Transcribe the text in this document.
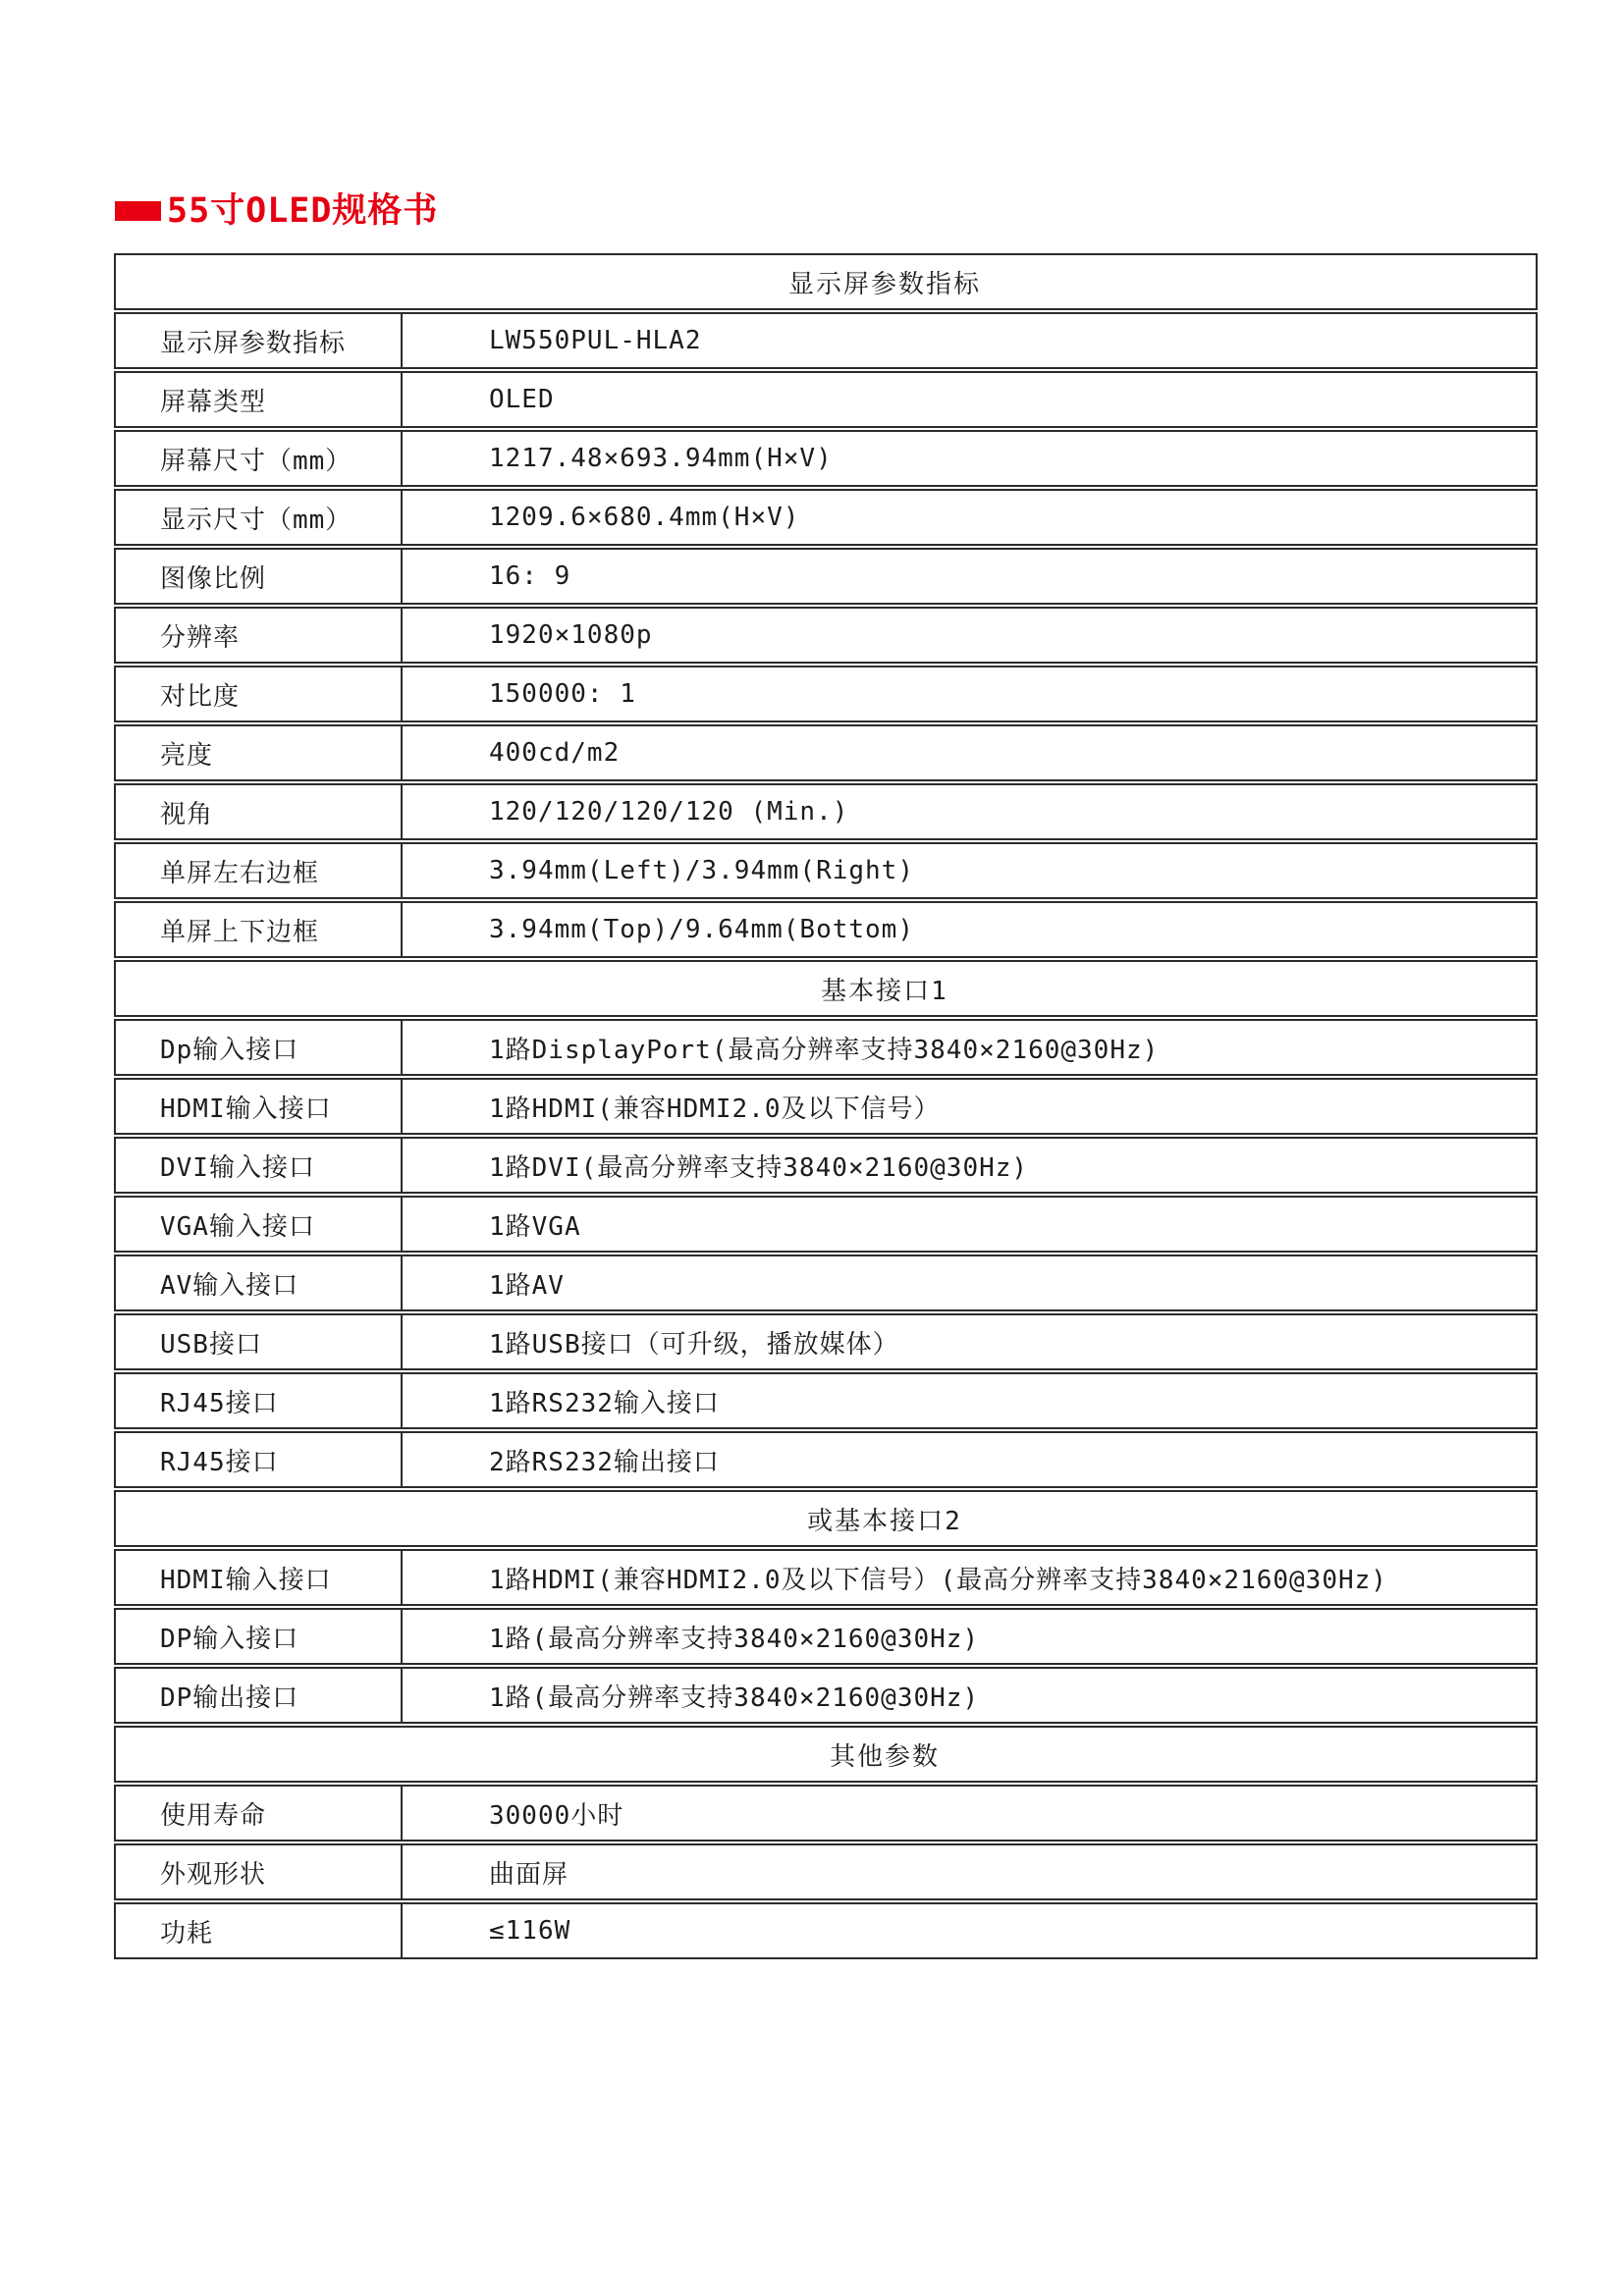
55寸OLED规格书
显示屏参数指标
显示屏参数指标	LW550PUL-HLA2
屏幕类型	OLED
屏幕尺寸（mm）	1217.48×693.94mm(H×V)
显示尺寸（mm）	1209.6×680.4mm(H×V)
图像比例	16: 9
分辨率	1920×1080p
对比度	150000: 1
亮度	400cd/m2
视角	120/120/120/120 (Min.)
单屏左右边框	3.94mm(Left)/3.94mm(Right)
单屏上下边框	3.94mm(Top)/9.64mm(Bottom)
基本接口1
Dp输入接口	1路DisplayPort(最高分辨率支持3840×2160@30Hz)
HDMI输入接口	1路HDMI(兼容HDMI2.0及以下信号）
DVI输入接口	1路DVI(最高分辨率支持3840×2160@30Hz)
VGA输入接口	1路VGA
AV输入接口	1路AV
USB接口	1路USB接口（可升级，播放媒体）
RJ45接口	1路RS232输入接口
RJ45接口	2路RS232输出接口
或基本接口2
HDMI输入接口	1路HDMI(兼容HDMI2.0及以下信号）(最高分辨率支持3840×2160@30Hz)
DP输入接口	1路(最高分辨率支持3840×2160@30Hz)
DP输出接口	1路(最高分辨率支持3840×2160@30Hz)
其他参数
使用寿命	30000小时
外观形状	曲面屏
功耗	≤116W
